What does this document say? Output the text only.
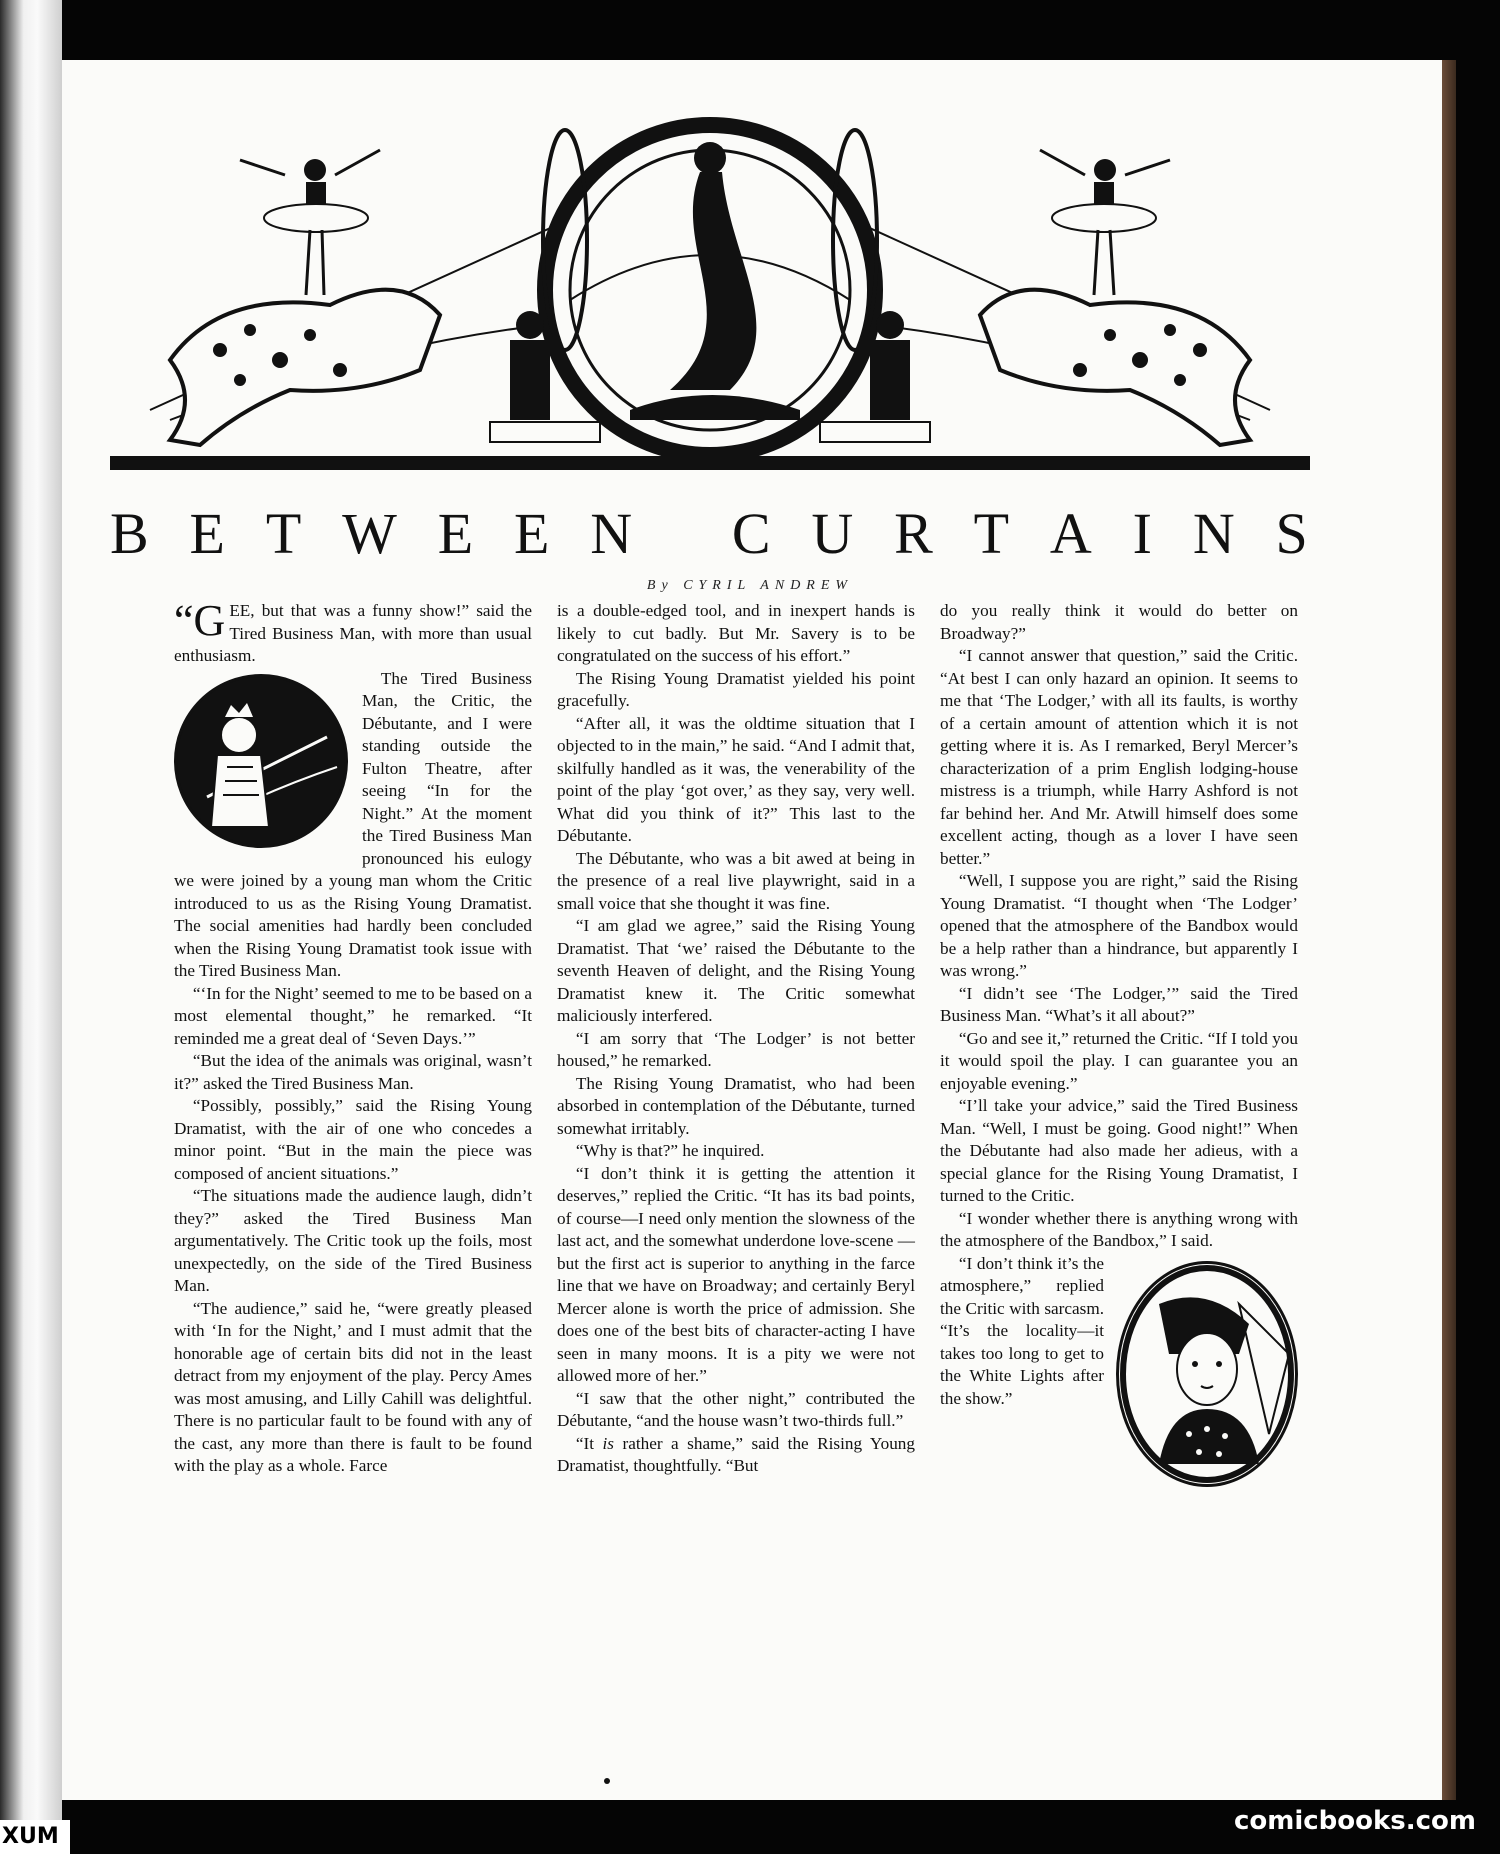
B E T W E E N C U R T A I N S
By CYRIL ANDREW

“GEE, but that was a funny show!” said the Tired Business Man, with more than usual enthusiasm.

The Tired Business Man, the Critic, the Débutante, and I were standing outside the Fulton Theatre, after seeing “In for the Night.” At the moment the Tired Business Man pronounced his eulogy we were joined by a young man whom the Critic introduced to us as the Rising Young Dramatist. The social amenities had hardly been concluded when the Rising Young Dramatist took issue with the Tired Business Man.

“‘In for the Night’ seemed to me to be based on a most elemental thought,” he remarked. “It reminded me a great deal of ‘Seven Days.’”

“But the idea of the animals was original, wasn’t it?” asked the Tired Business Man.

“Possibly, possibly,” said the Rising Young Dramatist, with the air of one who concedes a minor point. “But in the main the piece was composed of ancient situations.”

“The situations made the audience laugh, didn’t they?” asked the Tired Business Man argumentatively. The Critic took up the foils, most unexpectedly, on the side of the Tired Business Man.

“The audience,” said he, “were greatly pleased with ‘In for the Night,’ and I must admit that the honorable age of certain bits did not in the least detract from my enjoyment of the play. Percy Ames was most amusing, and Lilly Cahill was delightful. There is no particular fault to be found with any of the cast, any more than there is fault to be found with the play as a whole. Farce

is a double-edged tool, and in inexpert hands is likely to cut badly. But Mr. Savery is to be congratulated on the success of his effort.”

The Rising Young Dramatist yielded his point gracefully.

“After all, it was the oldtime situation that I objected to in the main,” he said. “And I admit that, skilfully handled as it was, the venerability of the point of the play ‘got over,’ as they say, very well. What did you think of it?” This last to the Débutante.

The Débutante, who was a bit awed at being in the presence of a real live playwright, said in a small voice that she thought it was fine.

“I am glad we agree,” said the Rising Young Dramatist. That ‘we’ raised the Débutante to the seventh Heaven of delight, and the Rising Young Dramatist knew it. The Critic somewhat maliciously interfered.

“I am sorry that ‘The Lodger’ is not better housed,” he remarked.

The Rising Young Dramatist, who had been absorbed in contemplation of the Débutante, turned somewhat irritably.

“Why is that?” he inquired.

“I don’t think it is getting the attention it deserves,” replied the Critic. “It has its bad points, of course—I need only mention the slowness of the last act, and the somewhat underdone love-scene —but the first act is superior to anything in the farce line that we have on Broadway; and certainly Beryl Mercer alone is worth the price of admission. She does one of the best bits of character-acting I have seen in many moons. It is a pity we were not allowed more of her.”

“I saw that the other night,” contributed the Débutante, “and the house wasn’t two-thirds full.”

“It is rather a shame,” said the Rising Young Dramatist, thoughtfully. “But

do you really think it would do better on Broadway?”

“I cannot answer that question,” said the Critic. “At best I can only hazard an opinion. It seems to me that ‘The Lodger,’ with all its faults, is worthy of a certain amount of attention which it is not getting where it is. As I remarked, Beryl Mercer’s characterization of a prim English lodging-house mistress is a triumph, while Harry Ashford is not far behind her. And Mr. Atwill himself does some excellent acting, though as a lover I have seen better.”

“Well, I suppose you are right,” said the Rising Young Dramatist. “I thought when ‘The Lodger’ opened that the atmosphere of the Bandbox would be a help rather than a hindrance, but apparently I was wrong.”

“I didn’t see ‘The Lodger,’” said the Tired Business Man. “What’s it all about?”

“Go and see it,” returned the Critic. “If I told you it would spoil the play. I can guarantee you an enjoyable evening.”

“I’ll take your advice,” said the Tired Business Man. “Well, I must be going. Good night!” When the Débutante had also made her adieus, with a special glance for the Rising Young Dramatist, I turned to the Critic.

“I wonder whether there is anything wrong with the atmosphere of the Bandbox,” I said.

“I don’t think it’s the atmosphere,” replied the Critic with sarcasm. “It’s the locality—it takes too long to get to the White Lights after the show.”

comicbooks.com
XUM
